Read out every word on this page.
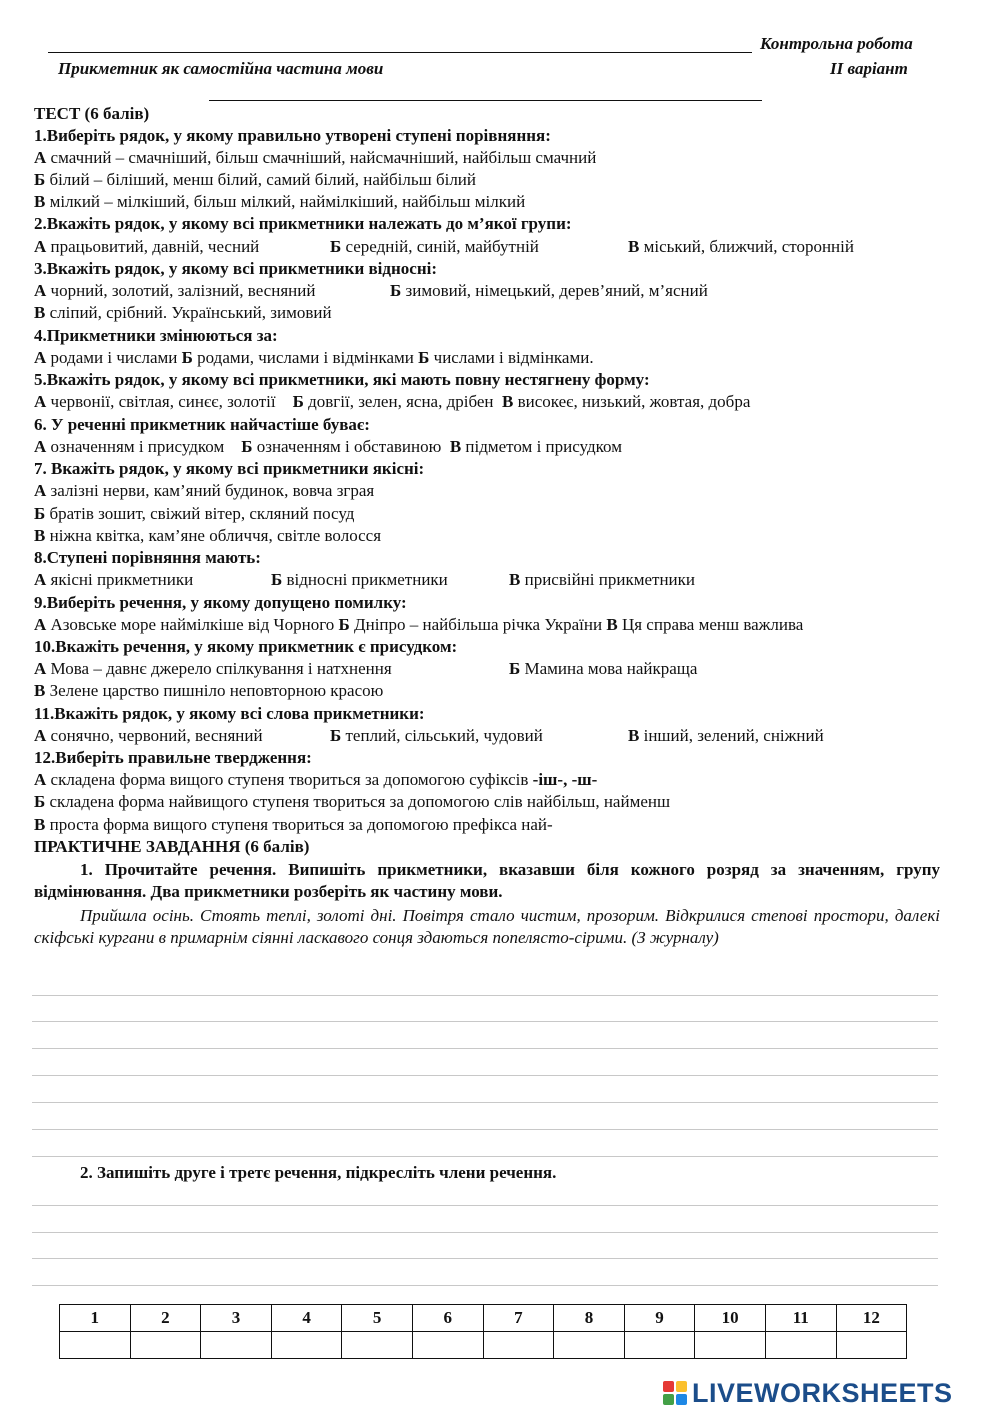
Контрольна робота
Прикметник як самостійна частина мови	ІІ варіант
ТЕСТ (6 балів)
1.Виберіть рядок, у якому правильно утворені ступені порівняння:
А смачний – смачніший, більш смачніший, найсмачніший, найбільш смачний
Б білий – біліший, менш білий, самий білий, найбільш білий
В мілкий – мілкіший, більш мілкий, наймілкіший, найбільш мілкий
2.Вкажіть рядок, у якому всі прикметники належать до м’якої групи:
А працьовитий, давній, чесний	Б середній, синій, майбутній	В міський, ближчий, сторонній
3.Вкажіть рядок, у якому всі прикметники відносні:
А чорний, золотий, залізний, весняний	Б зимовий, німецький, дерев’яний, м’ясний
В сліпий, срібний. Український, зимовий
4.Прикметники змінюються за:
А родами і числами Б родами, числами і відмінками Б числами і відмінками.
5.Вкажіть рядок, у якому всі прикметники, які мають повну нестягнену форму:
А червонії, світлая, синєє, золотії Б довгії, зелен, ясна, дрібен В високеє, низький, жовтая, добра
6. У реченні прикметник найчастіше буває:
А означенням і присудком Б означенням і обставиною В підметом і присудком
7. Вкажіть рядок, у якому всі прикметники якісні:
А залізні нерви, кам’яний будинок, вовча зграя
Б братів зошит, свіжий вітер, скляний посуд
В ніжна квітка, кам’яне обличчя, світле волосся
8.Ступені порівняння мають:
А якісні прикметники	Б відносні прикметники	В присвійні прикметники
9.Виберіть речення, у якому допущено помилку:
А Азовське море наймілкіше від Чорного Б Дніпро – найбільша річка України В Ця справа менш важлива
10.Вкажіть речення, у якому прикметник є присудком:
А Мова – давнє джерело спілкування і натхнення	Б Мамина мова найкраща
В Зелене царство пишніло неповторною красою
11.Вкажіть рядок, у якому всі слова прикметники:
А сонячно, червоний, весняний	Б теплий, сільський, чудовий	В інший, зелений, сніжний
12.Виберіть правильне твердження:
А складена форма вищого ступеня твориться за допомогою суфіксів -іш-, -ш-
Б складена форма найвищого ступеня твориться за допомогою слів найбільш, найменш
В проста форма вищого ступеня твориться за допомогою префікса най-
ПРАКТИЧНЕ ЗАВДАННЯ (6 балів)
1. Прочитайте речення. Випишіть прикметники, вказавши біля кожного розряд за значенням, групу відмінювання. Два прикметники розберіть як частину мови.
Прийшла осінь. Стоять теплі, золоті дні. Повітря стало чистим, прозорим. Відкрилися степові простори, далекі скіфські кургани в примарнім сіянні ласкавого сонця здаються попелясто-сірими. (З журналу)
2. Запишіть друге і третє речення, підкресліть члени речення.
1	2	3	4	5	6	7	8	9	10	11	12

LIVEWORKSHEETS
